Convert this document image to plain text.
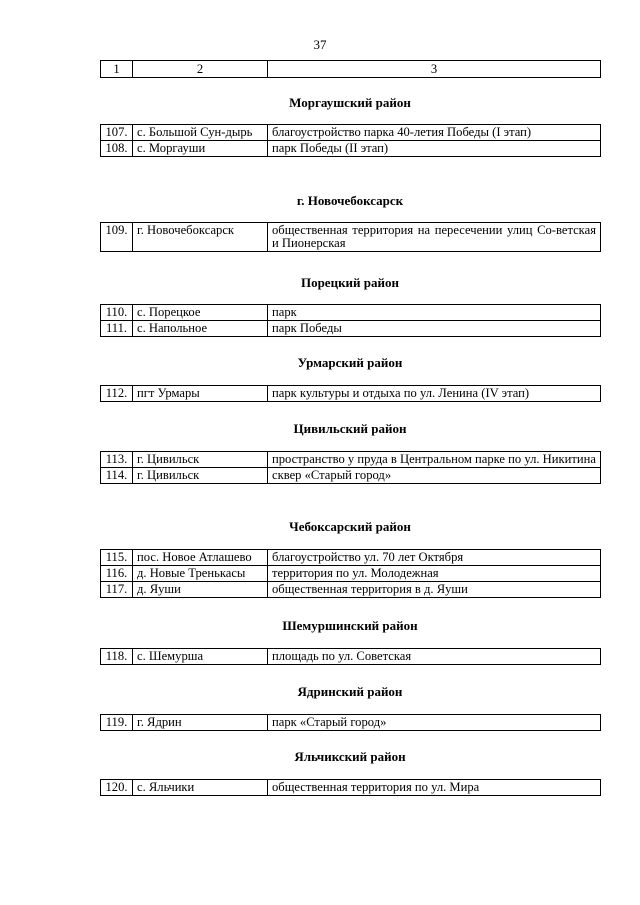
37
1	2	3
Моргаушский район
107.	с. Большой Сун-дырь	благоустройство парка 40-летия Победы (I этап)
108.	с. Моргауши	парк Победы (II этап)
г. Новочебоксарск
109.	г. Новочебоксарск	общественная территория на пересечении улиц Со-ветская и Пионерская
Порецкий район
110.	с. Порецкое	парк
111.	с. Напольное	парк Победы
Урмарский район
112.	пгт Урмары	парк культуры и отдыха по ул. Ленина (IV этап)
Цивильский район
113.	г. Цивильск	пространство у пруда в Центральном парке по ул. Никитина
114.	г. Цивильск	сквер «Старый город»
Чебоксарский район
115.	пос. Новое Атлашево	благоустройство ул. 70 лет Октября
116.	д. Новые Тренькасы	территория по ул. Молодежная
117.	д. Яуши	общественная территория в д. Яуши
Шемуршинский район
118.	с. Шемурша	площадь по ул. Советская
Ядринский район
119.	г. Ядрин	парк «Старый город»
Яльчикский район
120.	с. Яльчики	общественная территория по ул. Мира
